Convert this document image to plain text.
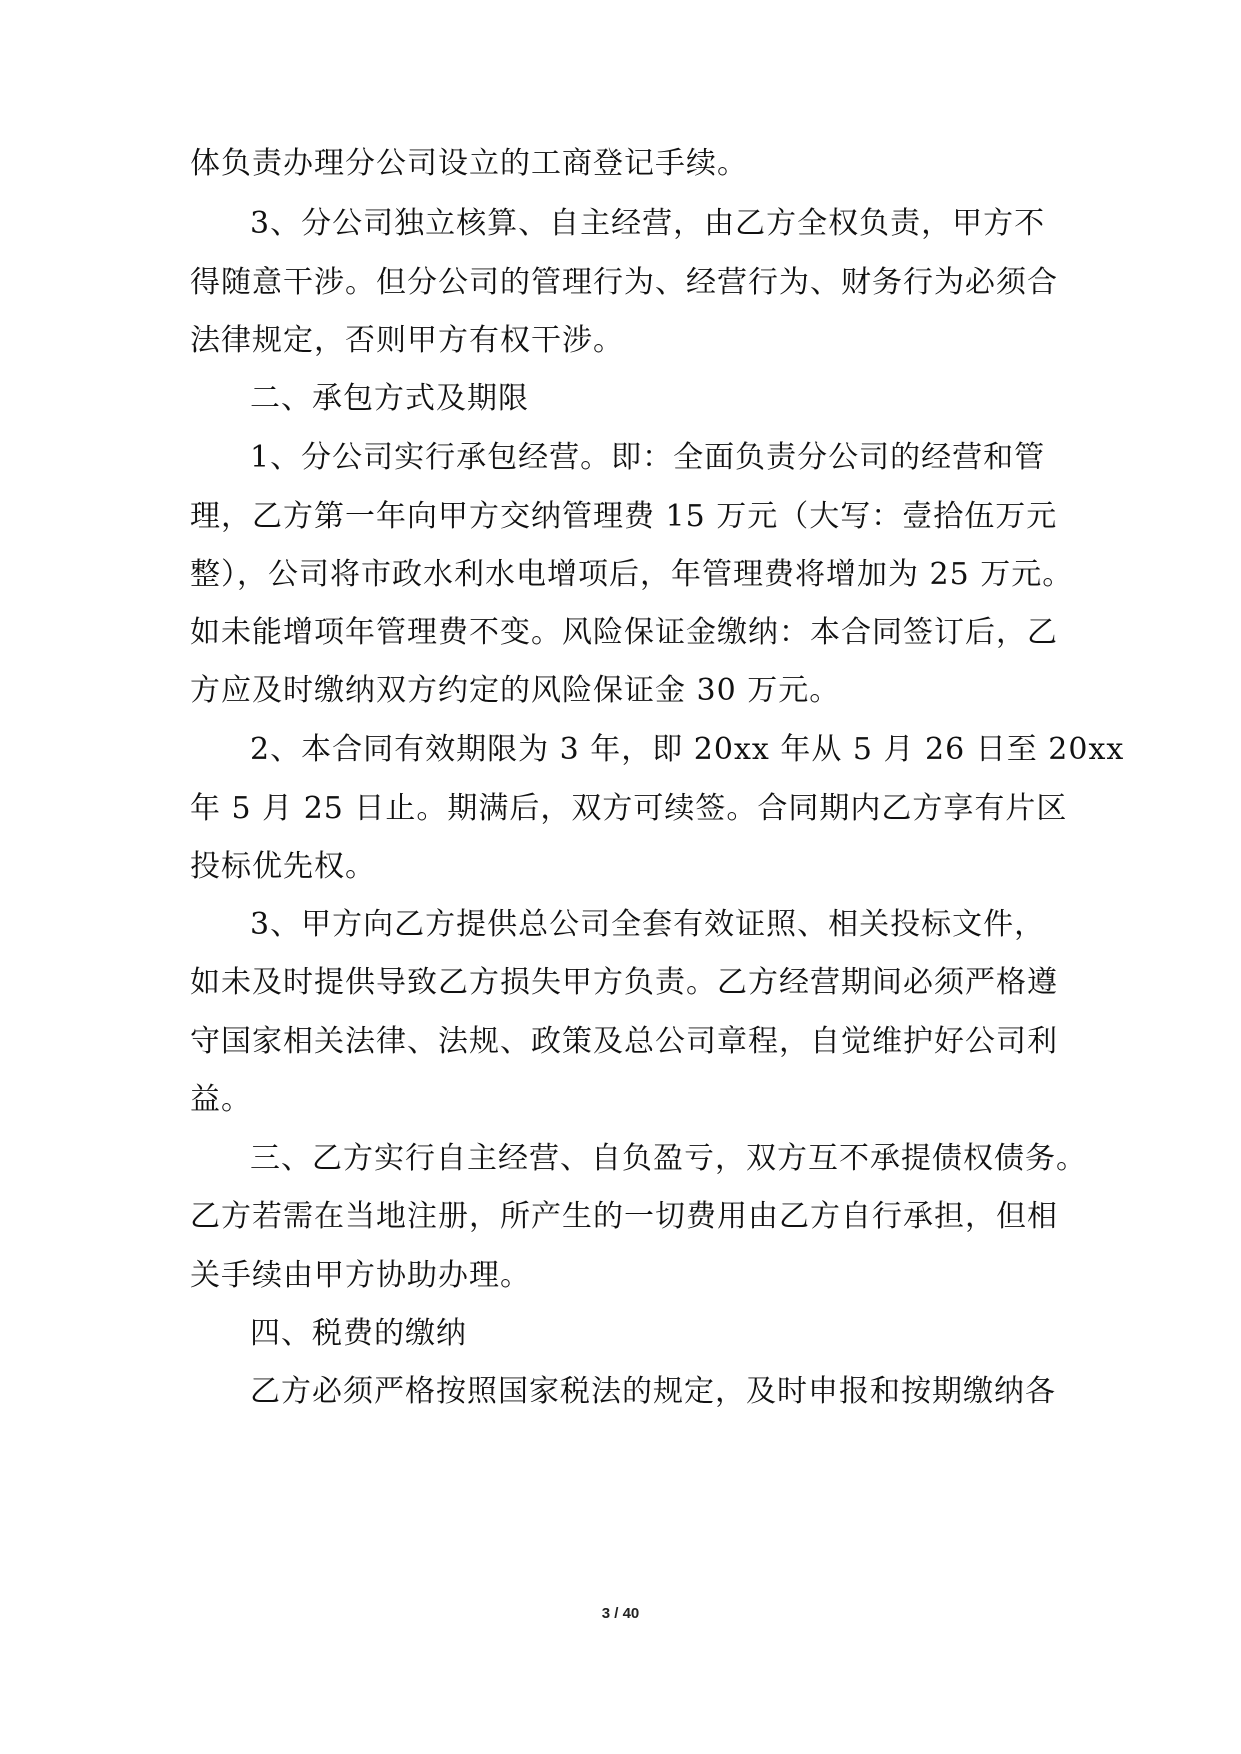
体负责办理分公司设立的工商登记手续。
3、分公司独立核算、自主经营，由乙方全权负责，甲方不
得随意干涉。但分公司的管理行为、经营行为、财务行为必须合
法律规定，否则甲方有权干涉。
二、承包方式及期限
1、分公司实行承包经营。即：全面负责分公司的经营和管
理，乙方第一年向甲方交纳管理费 15 万元（大写：壹拾伍万元
整），公司将市政水利水电增项后，年管理费将增加为 25 万元。
如未能增项年管理费不变。风险保证金缴纳：本合同签订后，乙
方应及时缴纳双方约定的风险保证金 30 万元。
2、本合同有效期限为 3 年，即 20xx 年从 5 月 26 日至 20xx
年 5 月 25 日止。期满后，双方可续签。合同期内乙方享有片区
投标优先权。
3、甲方向乙方提供总公司全套有效证照、相关投标文件，
如未及时提供导致乙方损失甲方负责。乙方经营期间必须严格遵
守国家相关法律、法规、政策及总公司章程，自觉维护好公司利
益。
三、乙方实行自主经营、自负盈亏，双方互不承提债权债务。
乙方若需在当地注册，所产生的一切费用由乙方自行承担，但相
关手续由甲方协助办理。
四、税费的缴纳
乙方必须严格按照国家税法的规定，及时申报和按期缴纳各
3 / 40
